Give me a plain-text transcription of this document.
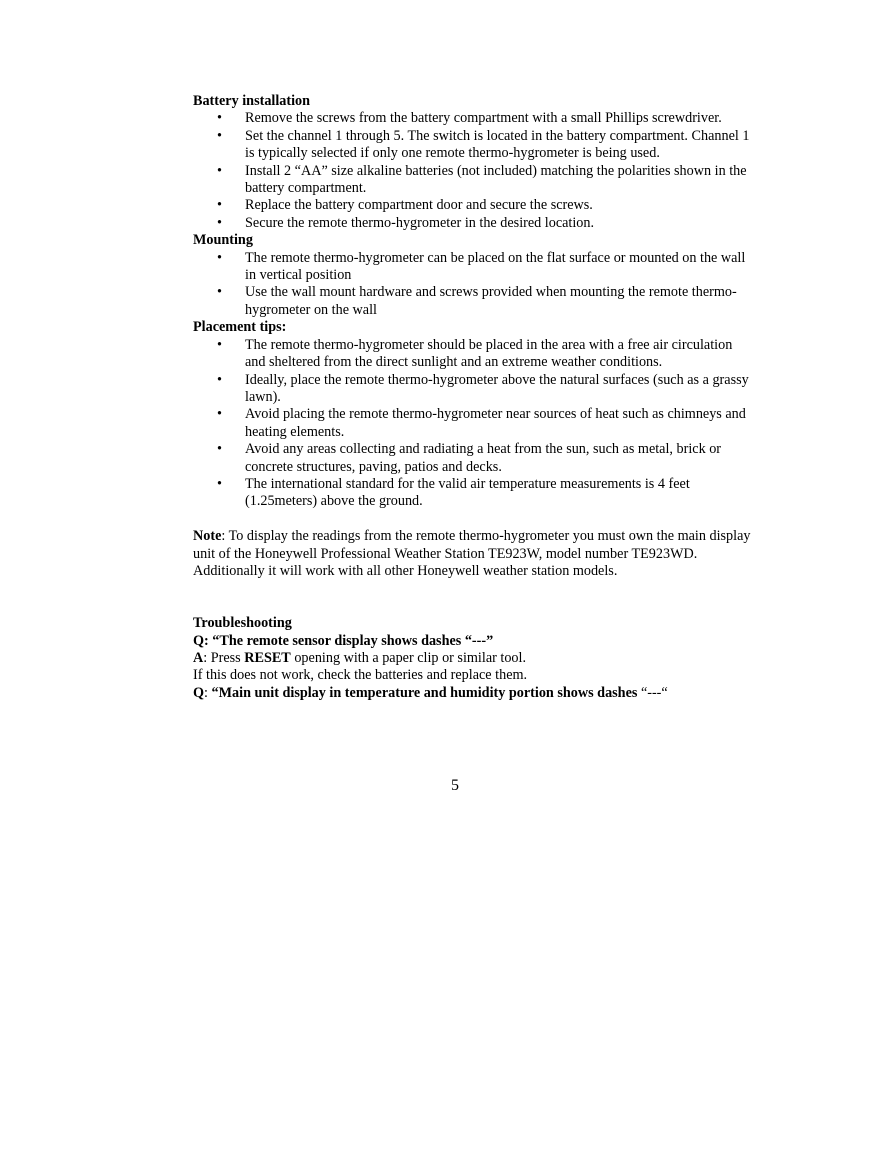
Battery installation

• Remove the screws from the battery compartment with a small Phillips screwdriver.
• Set the channel 1 through 5. The switch is located in the battery compartment. Channel 1 is typically selected if only one remote thermo-hygrometer is being used.
• Install 2 “AA” size alkaline batteries (not included) matching the polarities shown in the battery compartment.
• Replace the battery compartment door and secure the screws.
• Secure the remote thermo-hygrometer in the desired location.

Mounting

• The remote thermo-hygrometer can be placed on the flat surface or mounted on the wall in vertical position
• Use the wall mount hardware and screws provided when mounting the remote thermo-hygrometer on the wall

Placement tips:

• The remote thermo-hygrometer should be placed in the area with a free air circulation and sheltered from the direct sunlight and an extreme weather conditions.
• Ideally, place the remote thermo-hygrometer above the natural surfaces (such as a grassy lawn).
• Avoid placing the remote thermo-hygrometer near sources of heat such as chimneys and heating elements.
• Avoid any areas collecting and radiating a heat from the sun, such as metal, brick or concrete structures, paving, patios and decks.
• The international standard for the valid air temperature measurements is 4 feet (1.25meters) above the ground.

Note: To display the readings from the remote thermo-hygrometer you must own the main display unit of the Honeywell Professional Weather Station TE923W, model number TE923WD. Additionally it will work with all other Honeywell weather station models.

Troubleshooting

Q: “The remote sensor display shows dashes “---”

A: Press RESET opening with a paper clip or similar tool.

If this does not work, check the batteries and replace them.

Q: “Main unit display in temperature and humidity portion shows dashes “---“

5
